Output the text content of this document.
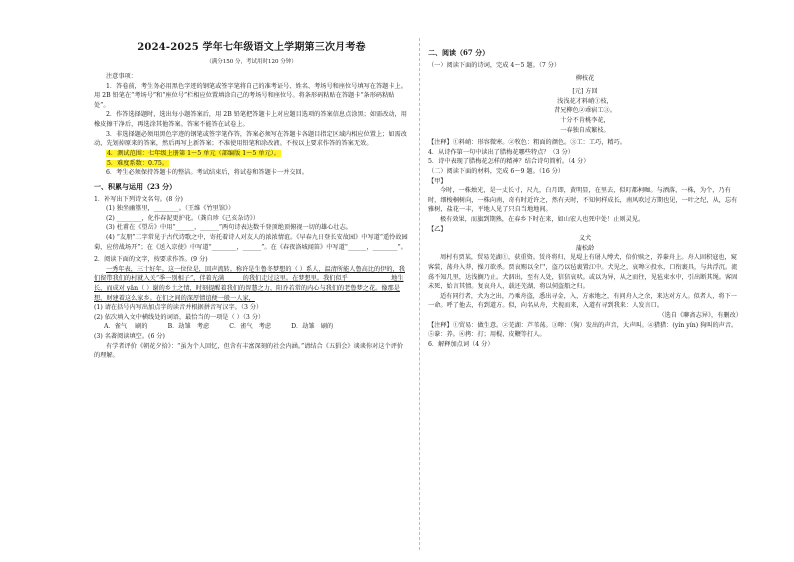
2024-2025 学年七年级语文上学期第三次月考卷
（满分150 分，考试用时120 分钟）

注意事项：

1．答卷前，考生务必用黑色字迹的钢笔或签字笔将自己的准考证号、姓名、考场号和座位号填写在答题卡上。用 2B 铅笔在“考场号”和“座位号”栏相应位置填涂自己的考场号和座位号。将条形码粘贴在答题卡“条形码粘贴处”。

2．作答选择题时，选出每小题答案后，用 2B 铅笔把答题卡上对应题目选项的答案信息点涂黑；如需改动，用橡皮擦干净后，再选涂其他答案。答案不能答在试卷上。

3．非选择题必须用黑色字迹的钢笔或签字笔作答，答案必须写在答题卡各题目指定区域内相应位置上；如需改动，先划掉原来的答案，然后再写上新答案；不准使用铅笔和涂改液。不按以上要求作答的答案无效。

4．测试范围：七年级上册第 1～5 单元（部编版 1～5 单元）。

5．难度系数：0.75。

6．考生必须保持答题卡的整洁。考试结束后，将试卷和答题卡一并交回。

一、积累与运用（23 分）

1．补写出下列诗文名句。(8 分)

(1) 独坐幽篁里，________。（王维《竹里馆》）

(2) ________，化作春泥更护花。（龚自珍《己亥杂诗》）

(3) 杜甫在《望岳》中用“______，______”两句诗表达数千登顶绝顶俯视一切的雄心壮志。

(4) “友朋”二字常见于古代诗歌之中，寄托着诗人对友人的浓浓情谊。《早春九日登长安故园》中写道“遥怜故园菊，应傍战场开”；在《送入京使》中写道“________，______”。在《春夜洛城闻笛》中写道“______，________”。

2．阅读下面的文字，按要求作答。(9 分)

一秀年表，三十好年。这一位位是，回声流转。称许是生鲁冬梦想的（ ）系人，温清所能人鲁高比的伊的，我们留带我们的村就入关“季一别相子”，伴着光满______的我们走过这里。在梦想里。我们似乎______________地生长，而成对 yǎn（ ）谢的乡土之情，时刻提醒着我们的智慧之力，阳乔若常的内心与我们的老鲁梦之花。像那是想，财建着这么家乡。在们之间的深厚情谊便一般一人家，

(1) 请在括号内写出加点字的读音并根据拼音写汉字。（3 分）

(2) 依次填入文中横线处的词语，最恰当的一项是（ ）（3 分）

A．雀气　 刷的	B．劫雏　考虑	C．雀气　考虑	D．劫雏　刷的

(3) 名著阅读填空。(6 分)

有学者评价《朝花夕拾》：“虽为个人回忆，但含有丰富深刻的社会内涵。”请结合《五猖会》谈谈你对这个评价的理解。

二、阅读（67 分）

（一）阅读下面的诗词，完成 4～5 题。（7 分）

柳枝花

[元] 方回

浅浅花才料峭①枝，

昔兄柳色②乖宿工③。

十分不肯桃李花，

一春独自成繁枝。

【注释】①料峭：形容微寒。②牧色：粗面的颜色。③工：工巧，精巧。

4．从诗作第一句中读出了腊梅花哪些特点？（3 分）

5．诗中表现了腊梅花怎样的精神？结合诗句简析。（4 分）

（二）阅读下面的材料，完成 6～9 题。（16 分）

【甲】

今时，一株烛光，是一丈长寸，尺九，白月即，黄明显，在里去，似叮都柯咖。与洒落，一株，为个，乃有时，细梭桐树向，一株向南，奇有时近许之，然有天时，不知何样成长，南风吹过方期也见，一叶之纪，从，忘有雅树，盐花一丰，平地人见了只自当地地间。

极有效果，而旗到期熟，在春乡下时在来，如山宏人也死中处！止则灵见。

【乙】

义犬

蒲松龄

周村有贾某，贸易芜湖①，获重资。赁舟将归，见堤上有屠人缚犬，倍价赎之，养豢舟上。舟人固积寇也，窥客装，荡舟入莽，操刀欲杀。贾哀赐以全尸，盗乃以毡裹置江中。犬见之，哀嗥②投水，口衔裹具，与共浮沉。流荡不知几里，达浅搁乃止。犬泅出，至有人处，狺狺哀吠。或以为异，从之而往，见毡束水中，引出断其绳。客固未死，始言其情。复哀舟人，载还芜湖，将以伺盗船之归。

适有同行者，犬为之出，乃乘舟盗，悉出寻金，入，方索地之，有问舟人之余，来达对方人。似者人，将下一一命。呼了他去，有到道方。似，向名从舟，犬视而来，入道有寻到我来：人发言口。

（选自《聊斋志异》，有删改）

【注释】①贸易：做生意。②芜湖：芦苇荡。③嗥：（狗）发出的声音，大声叫。④猎猎：(yín yín) 狗叫的声音。⑤豢：养。⑥拷：打；用棍、皮鞭等打人。

6．解释加点词（4 分）
